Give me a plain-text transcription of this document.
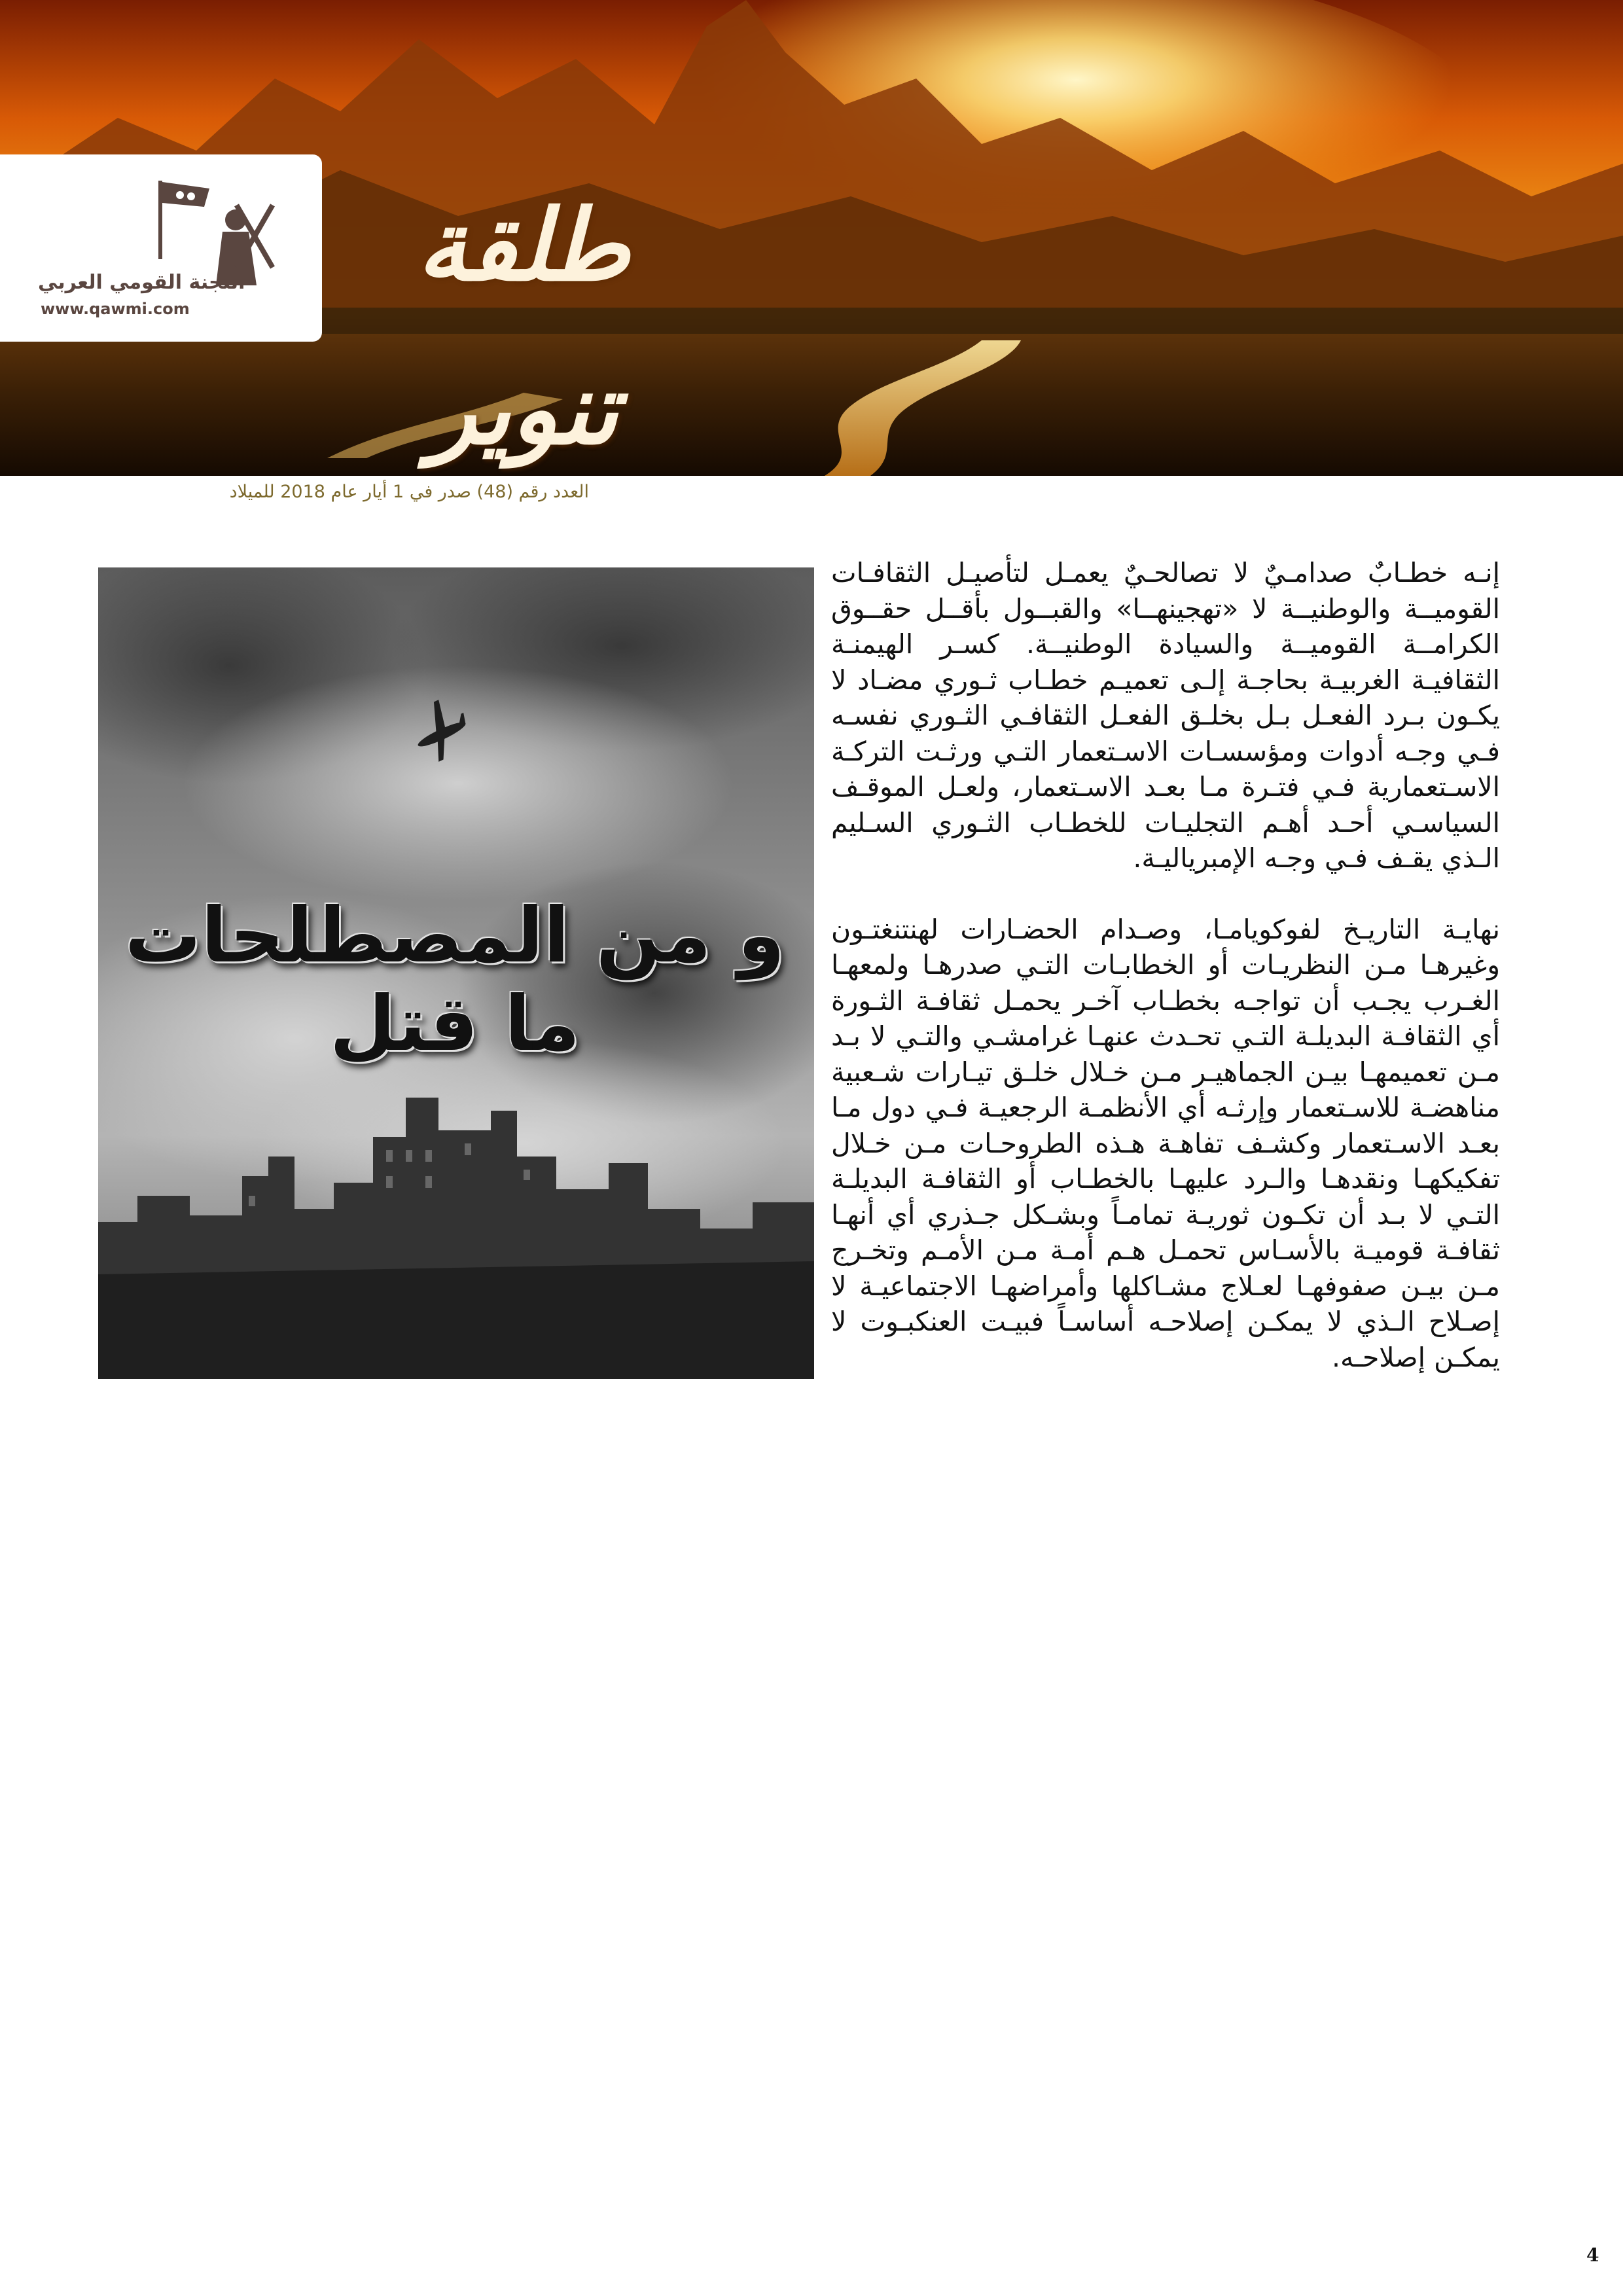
اللجنة القومي العربي
www.qawmi.com
طلقة تنوير
العدد رقم (48) صدر في 1 أيار عام 2018 للميلاد
و من المصطلحات ما قتل

إنـه خطـابٌ صدامـيٌ لا تصالحـيٌ يعمـل لتأصيـل الثقافـات القوميــة والوطنيــة لا «تهجينهــا» والقبــول بأقــل حقــوق الكرامــة القوميــة والسيادة الوطنيــة. كسـر الهيمنـة الثقافيـة الغربيـة بحاجـة إلـى تعميـم خطـاب ثـوري مضـاد لا يكـون بـرد الفعـل بـل بخلـق الفعـل الثقافـي الثـوري نفسـه فـي وجـه أدوات ومؤسسـات الاسـتعمار التـي ورثـت التركـة الاسـتعمارية فـي فتـرة مـا بعـد الاسـتعمار، ولعـل الموقـف السياسـي أحـد أهـم التجليـات للخطـاب الثـوري السـليم الـذي يقـف فـي وجـه الإمبرياليـة.

نهايـة التاريـخ لفوكويامـا، وصـدام الحضـارات لهنتنغتـون وغيرهـا مـن النظريـات أو الخطابـات التـي صدرهـا ولمعهـا الغـرب يجـب أن تواجـه بخطـاب آخـر يحمـل ثقافـة الثـورة أي الثقافـة البديلـة التـي تحـدث عنهـا غرامشـي والتـي لا بـد مـن تعميمهـا بيـن الجماهيـر مـن خـلال خلـق تيـارات شـعبية مناهضـة للاسـتعمار وإرثـه أي الأنظمـة الرجعيـة فـي دول مـا بعـد الاسـتعمار وكشـف تفاهـة هـذه الطروحـات مـن خـلال تفكيكهـا ونقدهـا والـرد عليهـا بالخطـاب أو الثقافـة البديلـة التـي لا بـد أن تكـون ثوريـة تمامـاً وبشـكل جـذري أي أنهـا ثقافـة قوميـة بالأسـاس تحمـل هـم أمـة مـن الأمـم وتخـرج مـن بيـن صفوفهـا لعـلاج مشـاكلها وأمراضهـا الاجتماعيـة لا إصـلاح الـذي لا يمكـن إصلاحـه أساسـاً فبيـت العنكبـوت لا يمكـن إصلاحـه.

4
